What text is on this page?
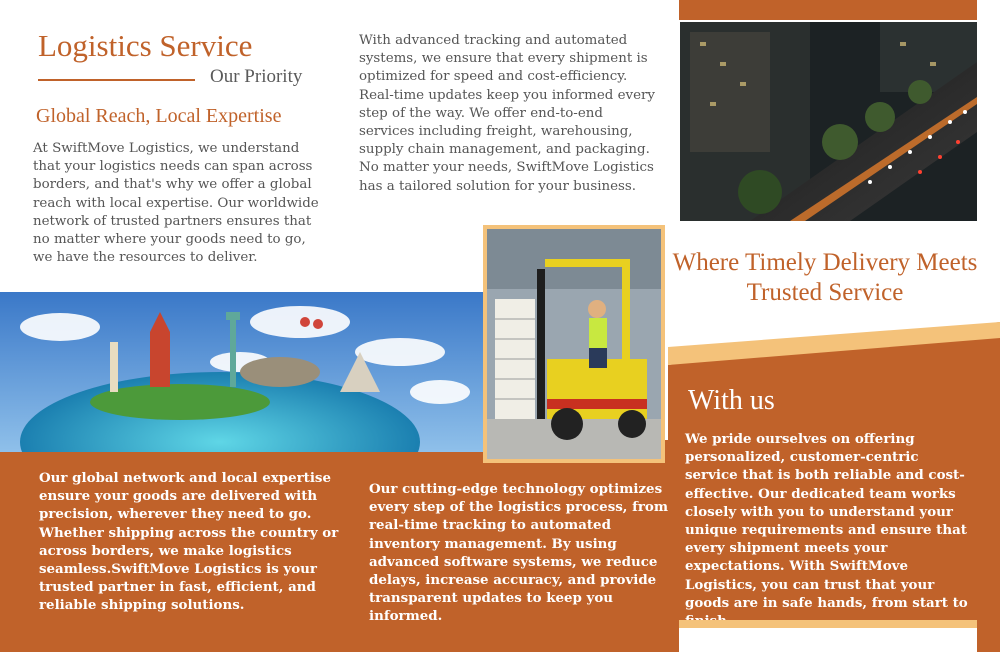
Logistics Service
Our Priority
Global Reach, Local Expertise
At SwiftMove Logistics, we understand that your logistics needs can span across borders, and that's why we offer a global reach with local expertise. Our worldwide network of trusted partners ensures that no matter where your goods need to go, we have the resources to deliver.
With advanced tracking and automated systems, we ensure that every shipment is optimized for speed and cost-efficiency. Real-time updates keep you informed every step of the way. We offer end-to-end services including freight, warehousing, supply chain management, and packaging. No matter your needs, SwiftMove Logistics has a tailored solution for your business.
Where Timely Delivery Meets Trusted Service
With us
Our global network and local expertise ensure your goods are delivered with precision, wherever they need to go. Whether shipping across the country or across borders, we make logistics seamless.SwiftMove Logistics is your trusted partner in fast, efficient, and reliable shipping solutions.
Our cutting-edge technology optimizes every step of the logistics process, from real-time tracking to automated inventory management. By using advanced software systems, we reduce delays, increase accuracy, and provide transparent updates to keep you informed.
We pride ourselves on offering personalized, customer-centric service that is both reliable and cost-effective. Our dedicated team works closely with you to understand your unique requirements and ensure that every shipment meets your expectations. With SwiftMove Logistics, you can trust that your goods are in safe hands, from start to
